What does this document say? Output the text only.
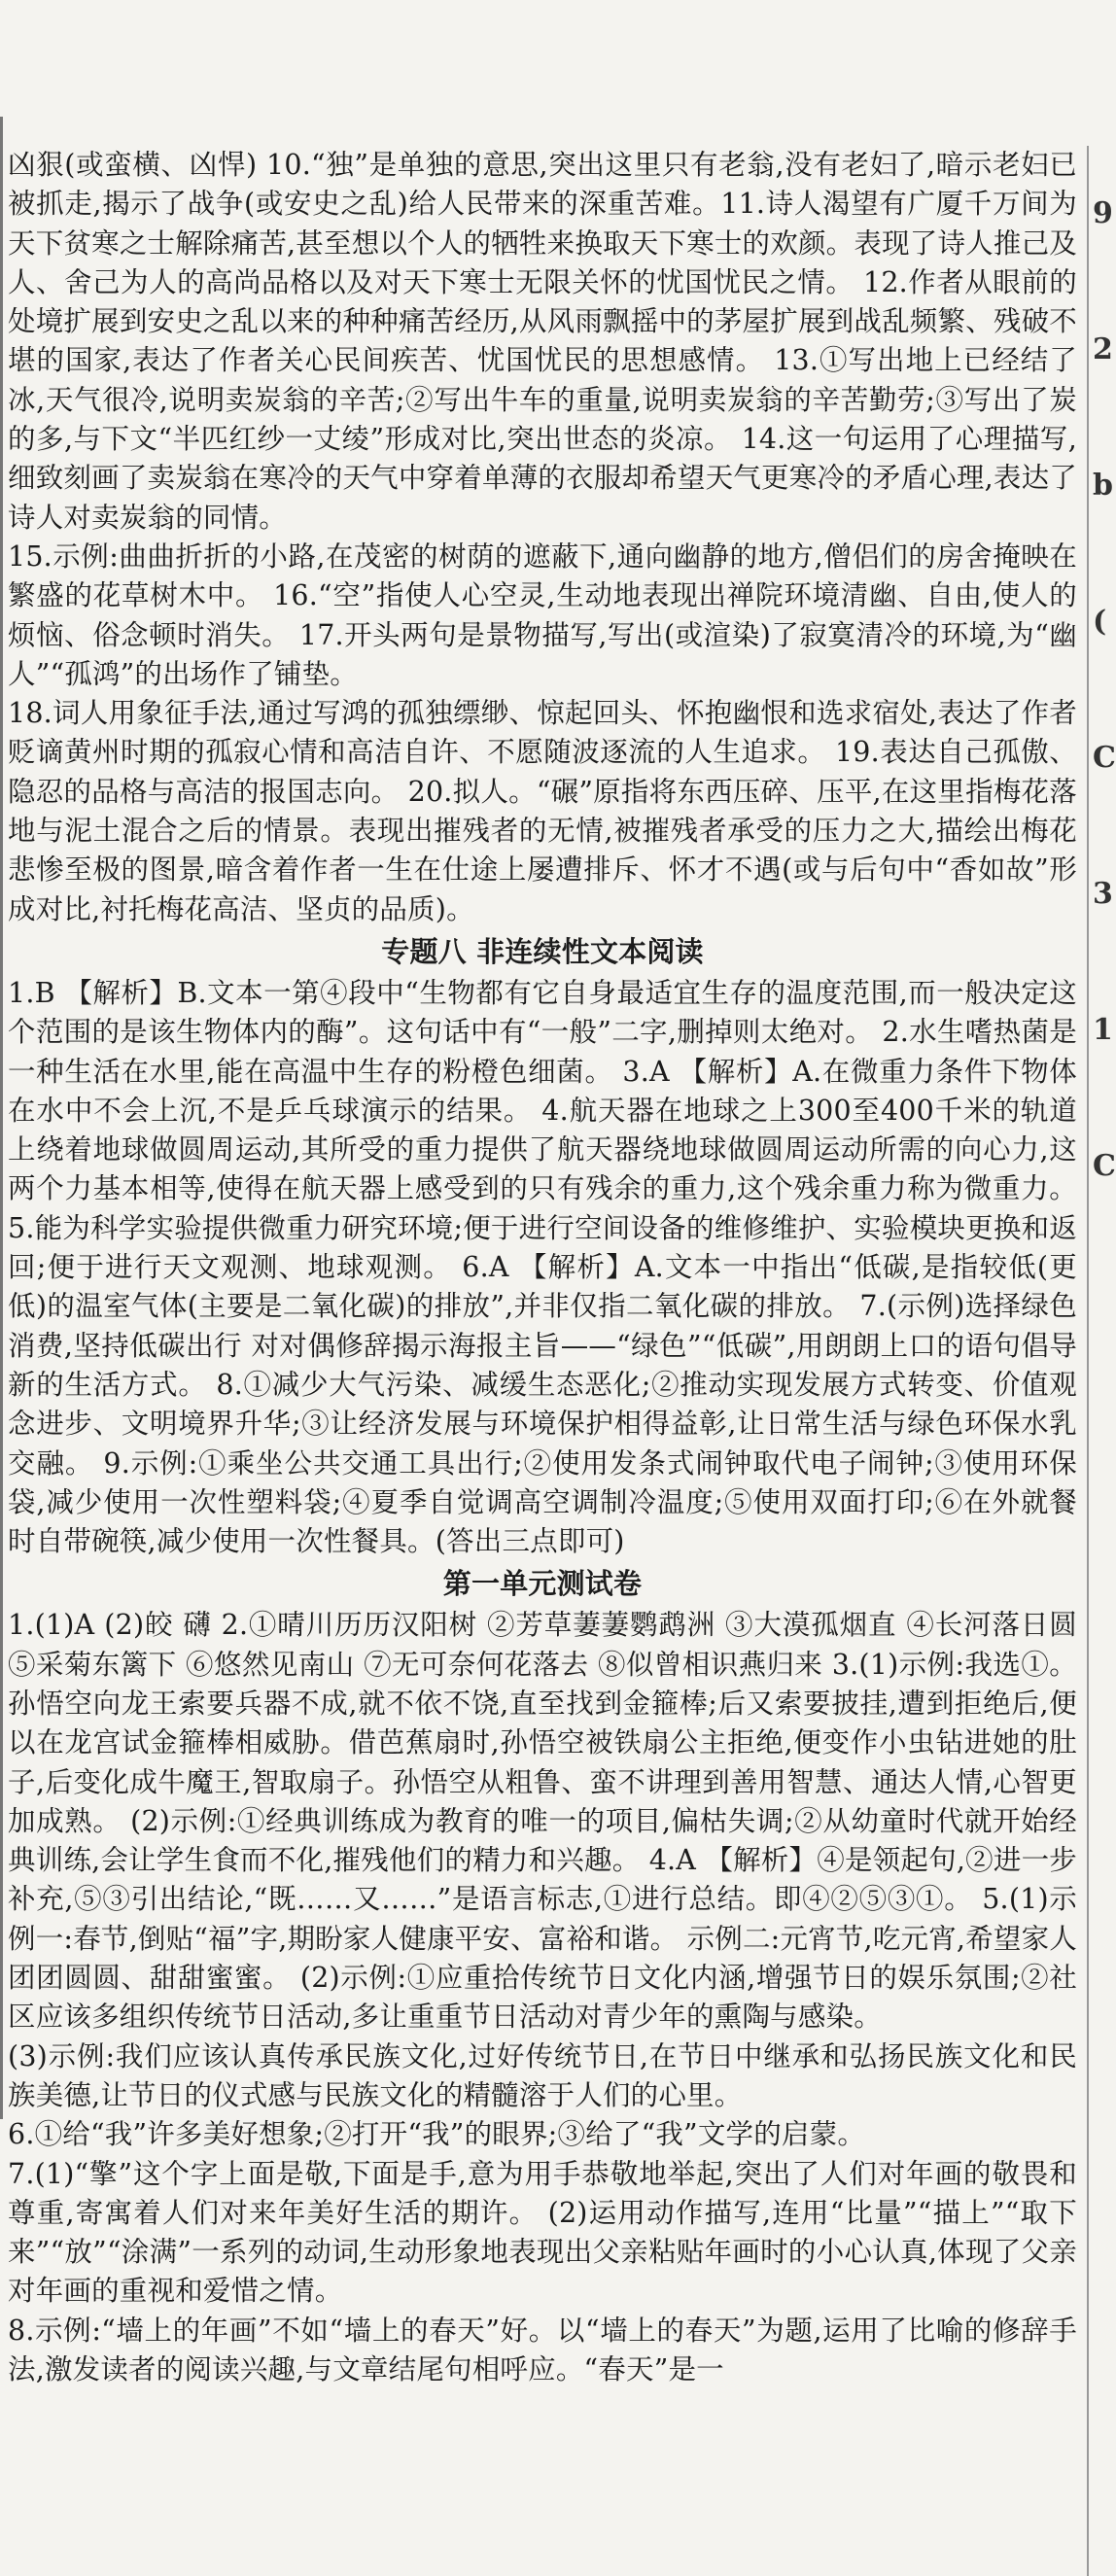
9
2
b
(
C
3
1
C

凶狠(或蛮横、凶悍) 10.“独”是单独的意思,突出这里只有老翁,没有老妇了,暗示老妇已被抓走,揭示了战争(或安史之乱)给人民带来的深重苦难。11.诗人渴望有广厦千万间为天下贫寒之士解除痛苦,甚至想以个人的牺牲来换取天下寒士的欢颜。表现了诗人推己及人、舍己为人的高尚品格以及对天下寒士无限关怀的忧国忧民之情。 12.作者从眼前的处境扩展到安史之乱以来的种种痛苦经历,从风雨飘摇中的茅屋扩展到战乱频繁、残破不堪的国家,表达了作者关心民间疾苦、忧国忧民的思想感情。 13.①写出地上已经结了冰,天气很冷,说明卖炭翁的辛苦;②写出牛车的重量,说明卖炭翁的辛苦勤劳;③写出了炭的多,与下文“半匹红纱一丈绫”形成对比,突出世态的炎凉。 14.这一句运用了心理描写,细致刻画了卖炭翁在寒冷的天气中穿着单薄的衣服却希望天气更寒冷的矛盾心理,表达了诗人对卖炭翁的同情。

15.示例:曲曲折折的小路,在茂密的树荫的遮蔽下,通向幽静的地方,僧侣们的房舍掩映在繁盛的花草树木中。 16.“空”指使人心空灵,生动地表现出禅院环境清幽、自由,使人的烦恼、俗念顿时消失。 17.开头两句是景物描写,写出(或渲染)了寂寞清冷的环境,为“幽人”“孤鸿”的出场作了铺垫。

18.词人用象征手法,通过写鸿的孤独缥缈、惊起回头、怀抱幽恨和选求宿处,表达了作者贬谪黄州时期的孤寂心情和高洁自许、不愿随波逐流的人生追求。 19.表达自己孤傲、隐忍的品格与高洁的报国志向。 20.拟人。“碾”原指将东西压碎、压平,在这里指梅花落地与泥土混合之后的情景。表现出摧残者的无情,被摧残者承受的压力之大,描绘出梅花悲惨至极的图景,暗含着作者一生在仕途上屡遭排斥、怀才不遇(或与后句中“香如故”形成对比,衬托梅花高洁、坚贞的品质)。

专题八 非连续性文本阅读

1.B 【解析】B.文本一第④段中“生物都有它自身最适宜生存的温度范围,而一般决定这个范围的是该生物体内的酶”。这句话中有“一般”二字,删掉则太绝对。 2.水生嗜热菌是一种生活在水里,能在高温中生存的粉橙色细菌。 3.A 【解析】A.在微重力条件下物体在水中不会上沉,不是乒乓球演示的结果。 4.航天器在地球之上300至400千米的轨道上绕着地球做圆周运动,其所受的重力提供了航天器绕地球做圆周运动所需的向心力,这两个力基本相等,使得在航天器上感受到的只有残余的重力,这个残余重力称为微重力。 5.能为科学实验提供微重力研究环境;便于进行空间设备的维修维护、实验模块更换和返回;便于进行天文观测、地球观测。 6.A 【解析】A.文本一中指出“低碳,是指较低(更低)的温室气体(主要是二氧化碳)的排放”,并非仅指二氧化碳的排放。 7.(示例)选择绿色消费,坚持低碳出行 对对偶修辞揭示海报主旨——“绿色”“低碳”,用朗朗上口的语句倡导新的生活方式。 8.①减少大气污染、减缓生态恶化;②推动实现发展方式转变、价值观念进步、文明境界升华;③让经济发展与环境保护相得益彰,让日常生活与绿色环保水乳交融。 9.示例:①乘坐公共交通工具出行;②使用发条式闹钟取代电子闹钟;③使用环保袋,减少使用一次性塑料袋;④夏季自觉调高空调制冷温度;⑤使用双面打印;⑥在外就餐时自带碗筷,减少使用一次性餐具。(答出三点即可)

第一单元测试卷

1.(1)A (2)皎 礴 2.①晴川历历汉阳树 ②芳草萋萋鹦鹉洲 ③大漠孤烟直 ④长河落日圆 ⑤采菊东篱下 ⑥悠然见南山 ⑦无可奈何花落去 ⑧似曾相识燕归来 3.(1)示例:我选①。孙悟空向龙王索要兵器不成,就不依不饶,直至找到金箍棒;后又索要披挂,遭到拒绝后,便以在龙宫试金箍棒相威胁。借芭蕉扇时,孙悟空被铁扇公主拒绝,便变作小虫钻进她的肚子,后变化成牛魔王,智取扇子。孙悟空从粗鲁、蛮不讲理到善用智慧、通达人情,心智更加成熟。 (2)示例:①经典训练成为教育的唯一的项目,偏枯失调;②从幼童时代就开始经典训练,会让学生食而不化,摧残他们的精力和兴趣。 4.A 【解析】④是领起句,②进一步补充,⑤③引出结论,“既……又……”是语言标志,①进行总结。即④②⑤③①。 5.(1)示例一:春节,倒贴“福”字,期盼家人健康平安、富裕和谐。 示例二:元宵节,吃元宵,希望家人团团圆圆、甜甜蜜蜜。 (2)示例:①应重拾传统节日文化内涵,增强节日的娱乐氛围;②社区应该多组织传统节日活动,多让重重节日活动对青少年的熏陶与感染。

(3)示例:我们应该认真传承民族文化,过好传统节日,在节日中继承和弘扬民族文化和民族美德,让节日的仪式感与民族文化的精髓溶于人们的心里。

6.①给“我”许多美好想象;②打开“我”的眼界;③给了“我”文学的启蒙。

7.(1)“擎”这个字上面是敬,下面是手,意为用手恭敬地举起,突出了人们对年画的敬畏和尊重,寄寓着人们对来年美好生活的期许。 (2)运用动作描写,连用“比量”“描上”“取下来”“放”“涂满”一系列的动词,生动形象地表现出父亲粘贴年画时的小心认真,体现了父亲对年画的重视和爱惜之情。

8.示例:“墙上的年画”不如“墙上的春天”好。以“墙上的春天”为题,运用了比喻的修辞手法,激发读者的阅读兴趣,与文章结尾句相呼应。“春天”是一
